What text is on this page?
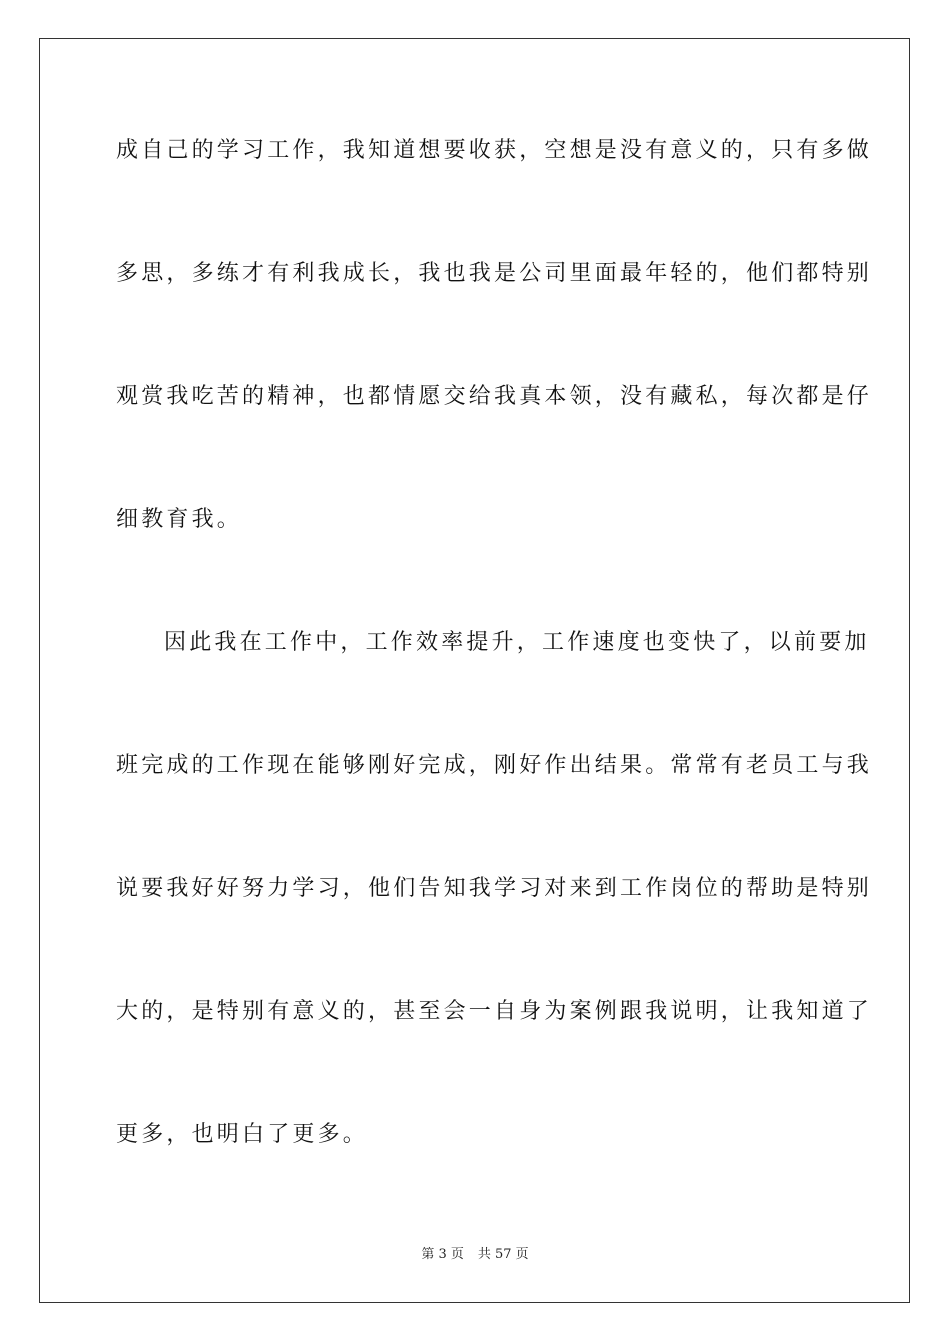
成自己的学习工作，我知道想要收获，空想是没有意义的，只有多做
多思，多练才有利我成长，我也我是公司里面最年轻的，他们都特别
观赏我吃苦的精神，也都情愿交给我真本领，没有藏私，每次都是仔
细教育我。
因此我在工作中，工作效率提升，工作速度也变快了，以前要加
班完成的工作现在能够刚好完成，刚好作出结果。常常有老员工与我
说要我好好努力学习，他们告知我学习对来到工作岗位的帮助是特别
大的，是特别有意义的，甚至会一自身为案例跟我说明，让我知道了
更多，也明白了更多。
第 3 页 共 57 页
